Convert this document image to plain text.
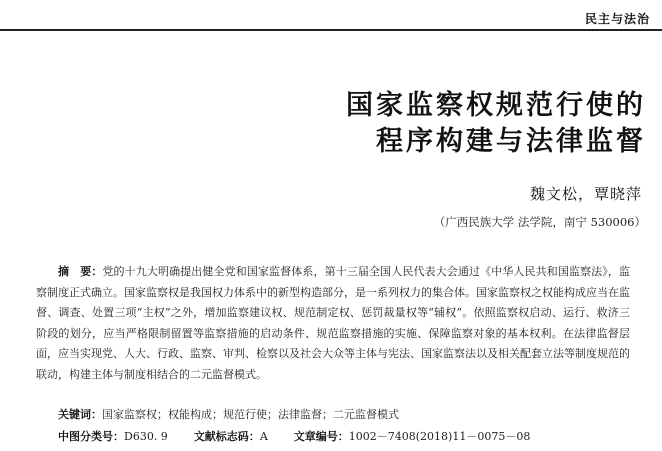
民主与法治
国家监察权规范行使的
程序构建与法律监督
魏文松，覃晓萍
（广西民族大学 法学院，南宁 530006）
摘　要：党的十九大明确提出健全党和国家监督体系，第十三届全国人民代表大会通过《中华人民共和国监察法》，监察制度正式确立。国家监察权是我国权力体系中的新型构造部分，是一系列权力的集合体。国家监察权之权能构成应当在监督、调查、处置三项“主权”之外，增加监察建议权、规范制定权、惩罚裁量权等“辅权”。依照监察权启动、运行、救济三阶段的划分，应当严格限制留置等监察措施的启动条件、规范监察措施的实施、保障监察对象的基本权利。在法律监督层面，应当实现党、人大、行政、监察、审判、检察以及社会大众等主体与宪法、国家监察法以及相关配套立法等制度规范的联动，构建主体与制度相结合的二元监督模式。
关键词：国家监察权；权能构成；规范行使；法律监督；二元监督模式
中图分类号：D630. 9 文献标志码：A 文章编号：1002－7408(2018)11－0075－08
